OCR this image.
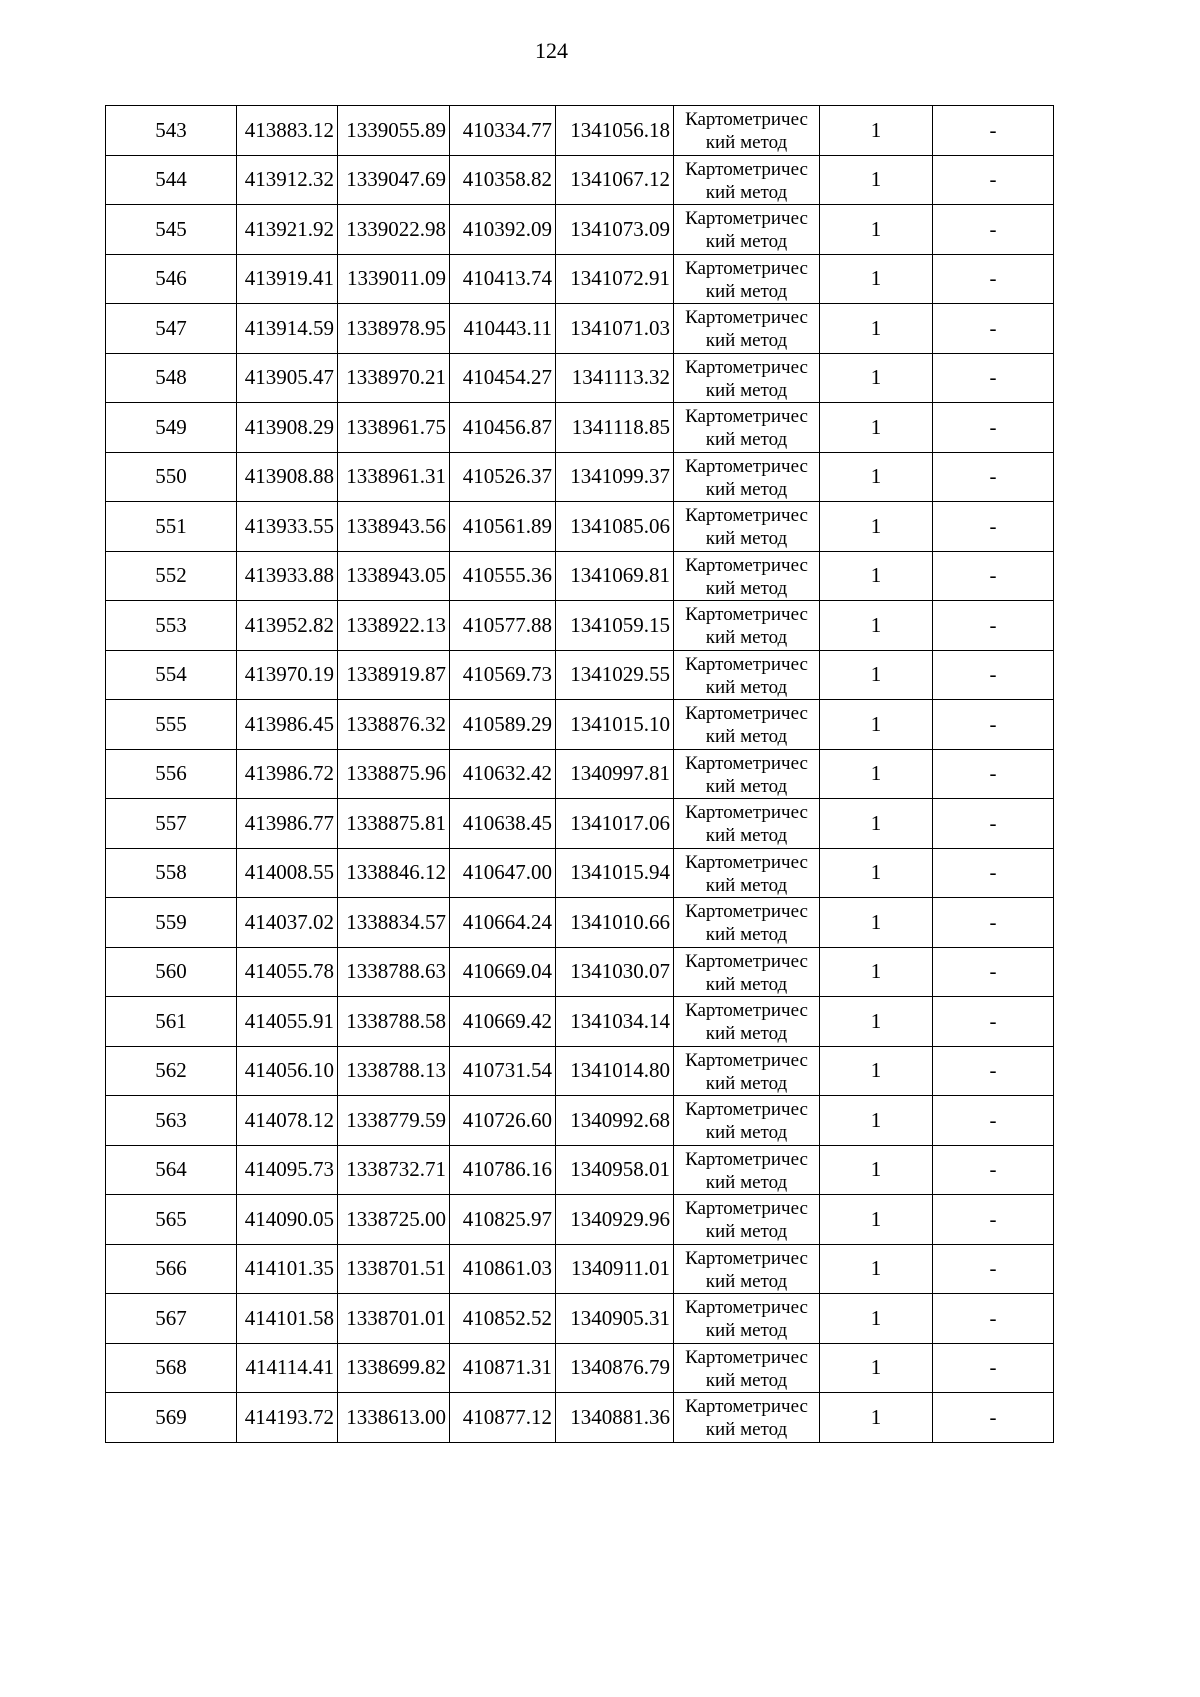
124
543	413883.12	1339055.89	410334.77	1341056.18	Картометричес
кий метод	1	-
544	413912.32	1339047.69	410358.82	1341067.12	Картометричес
кий метод	1	-
545	413921.92	1339022.98	410392.09	1341073.09	Картометричес
кий метод	1	-
546	413919.41	1339011.09	410413.74	1341072.91	Картометричес
кий метод	1	-
547	413914.59	1338978.95	410443.11	1341071.03	Картометричес
кий метод	1	-
548	413905.47	1338970.21	410454.27	1341113.32	Картометричес
кий метод	1	-
549	413908.29	1338961.75	410456.87	1341118.85	Картометричес
кий метод	1	-
550	413908.88	1338961.31	410526.37	1341099.37	Картометричес
кий метод	1	-
551	413933.55	1338943.56	410561.89	1341085.06	Картометричес
кий метод	1	-
552	413933.88	1338943.05	410555.36	1341069.81	Картометричес
кий метод	1	-
553	413952.82	1338922.13	410577.88	1341059.15	Картометричес
кий метод	1	-
554	413970.19	1338919.87	410569.73	1341029.55	Картометричес
кий метод	1	-
555	413986.45	1338876.32	410589.29	1341015.10	Картометричес
кий метод	1	-
556	413986.72	1338875.96	410632.42	1340997.81	Картометричес
кий метод	1	-
557	413986.77	1338875.81	410638.45	1341017.06	Картометричес
кий метод	1	-
558	414008.55	1338846.12	410647.00	1341015.94	Картометричес
кий метод	1	-
559	414037.02	1338834.57	410664.24	1341010.66	Картометричес
кий метод	1	-
560	414055.78	1338788.63	410669.04	1341030.07	Картометричес
кий метод	1	-
561	414055.91	1338788.58	410669.42	1341034.14	Картометричес
кий метод	1	-
562	414056.10	1338788.13	410731.54	1341014.80	Картометричес
кий метод	1	-
563	414078.12	1338779.59	410726.60	1340992.68	Картометричес
кий метод	1	-
564	414095.73	1338732.71	410786.16	1340958.01	Картометричес
кий метод	1	-
565	414090.05	1338725.00	410825.97	1340929.96	Картометричес
кий метод	1	-
566	414101.35	1338701.51	410861.03	1340911.01	Картометричес
кий метод	1	-
567	414101.58	1338701.01	410852.52	1340905.31	Картометричес
кий метод	1	-
568	414114.41	1338699.82	410871.31	1340876.79	Картометричес
кий метод	1	-
569	414193.72	1338613.00	410877.12	1340881.36	Картометричес
кий метод	1	-
